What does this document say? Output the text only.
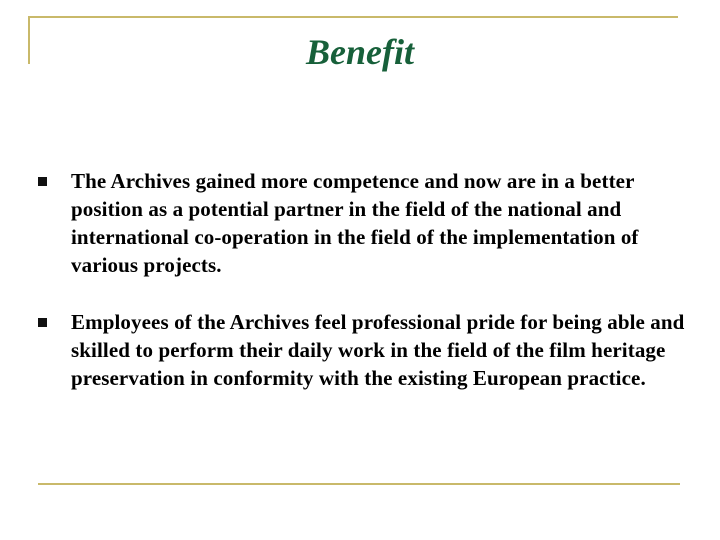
Benefit
The Archives gained more competence and now are in a better position as a potential partner in the field of the national and international co-operation in the field of the implementation of various projects.
Employees of the Archives feel professional pride for being able and skilled to perform their daily work in the field of the film heritage preservation in conformity with the existing European practice.
